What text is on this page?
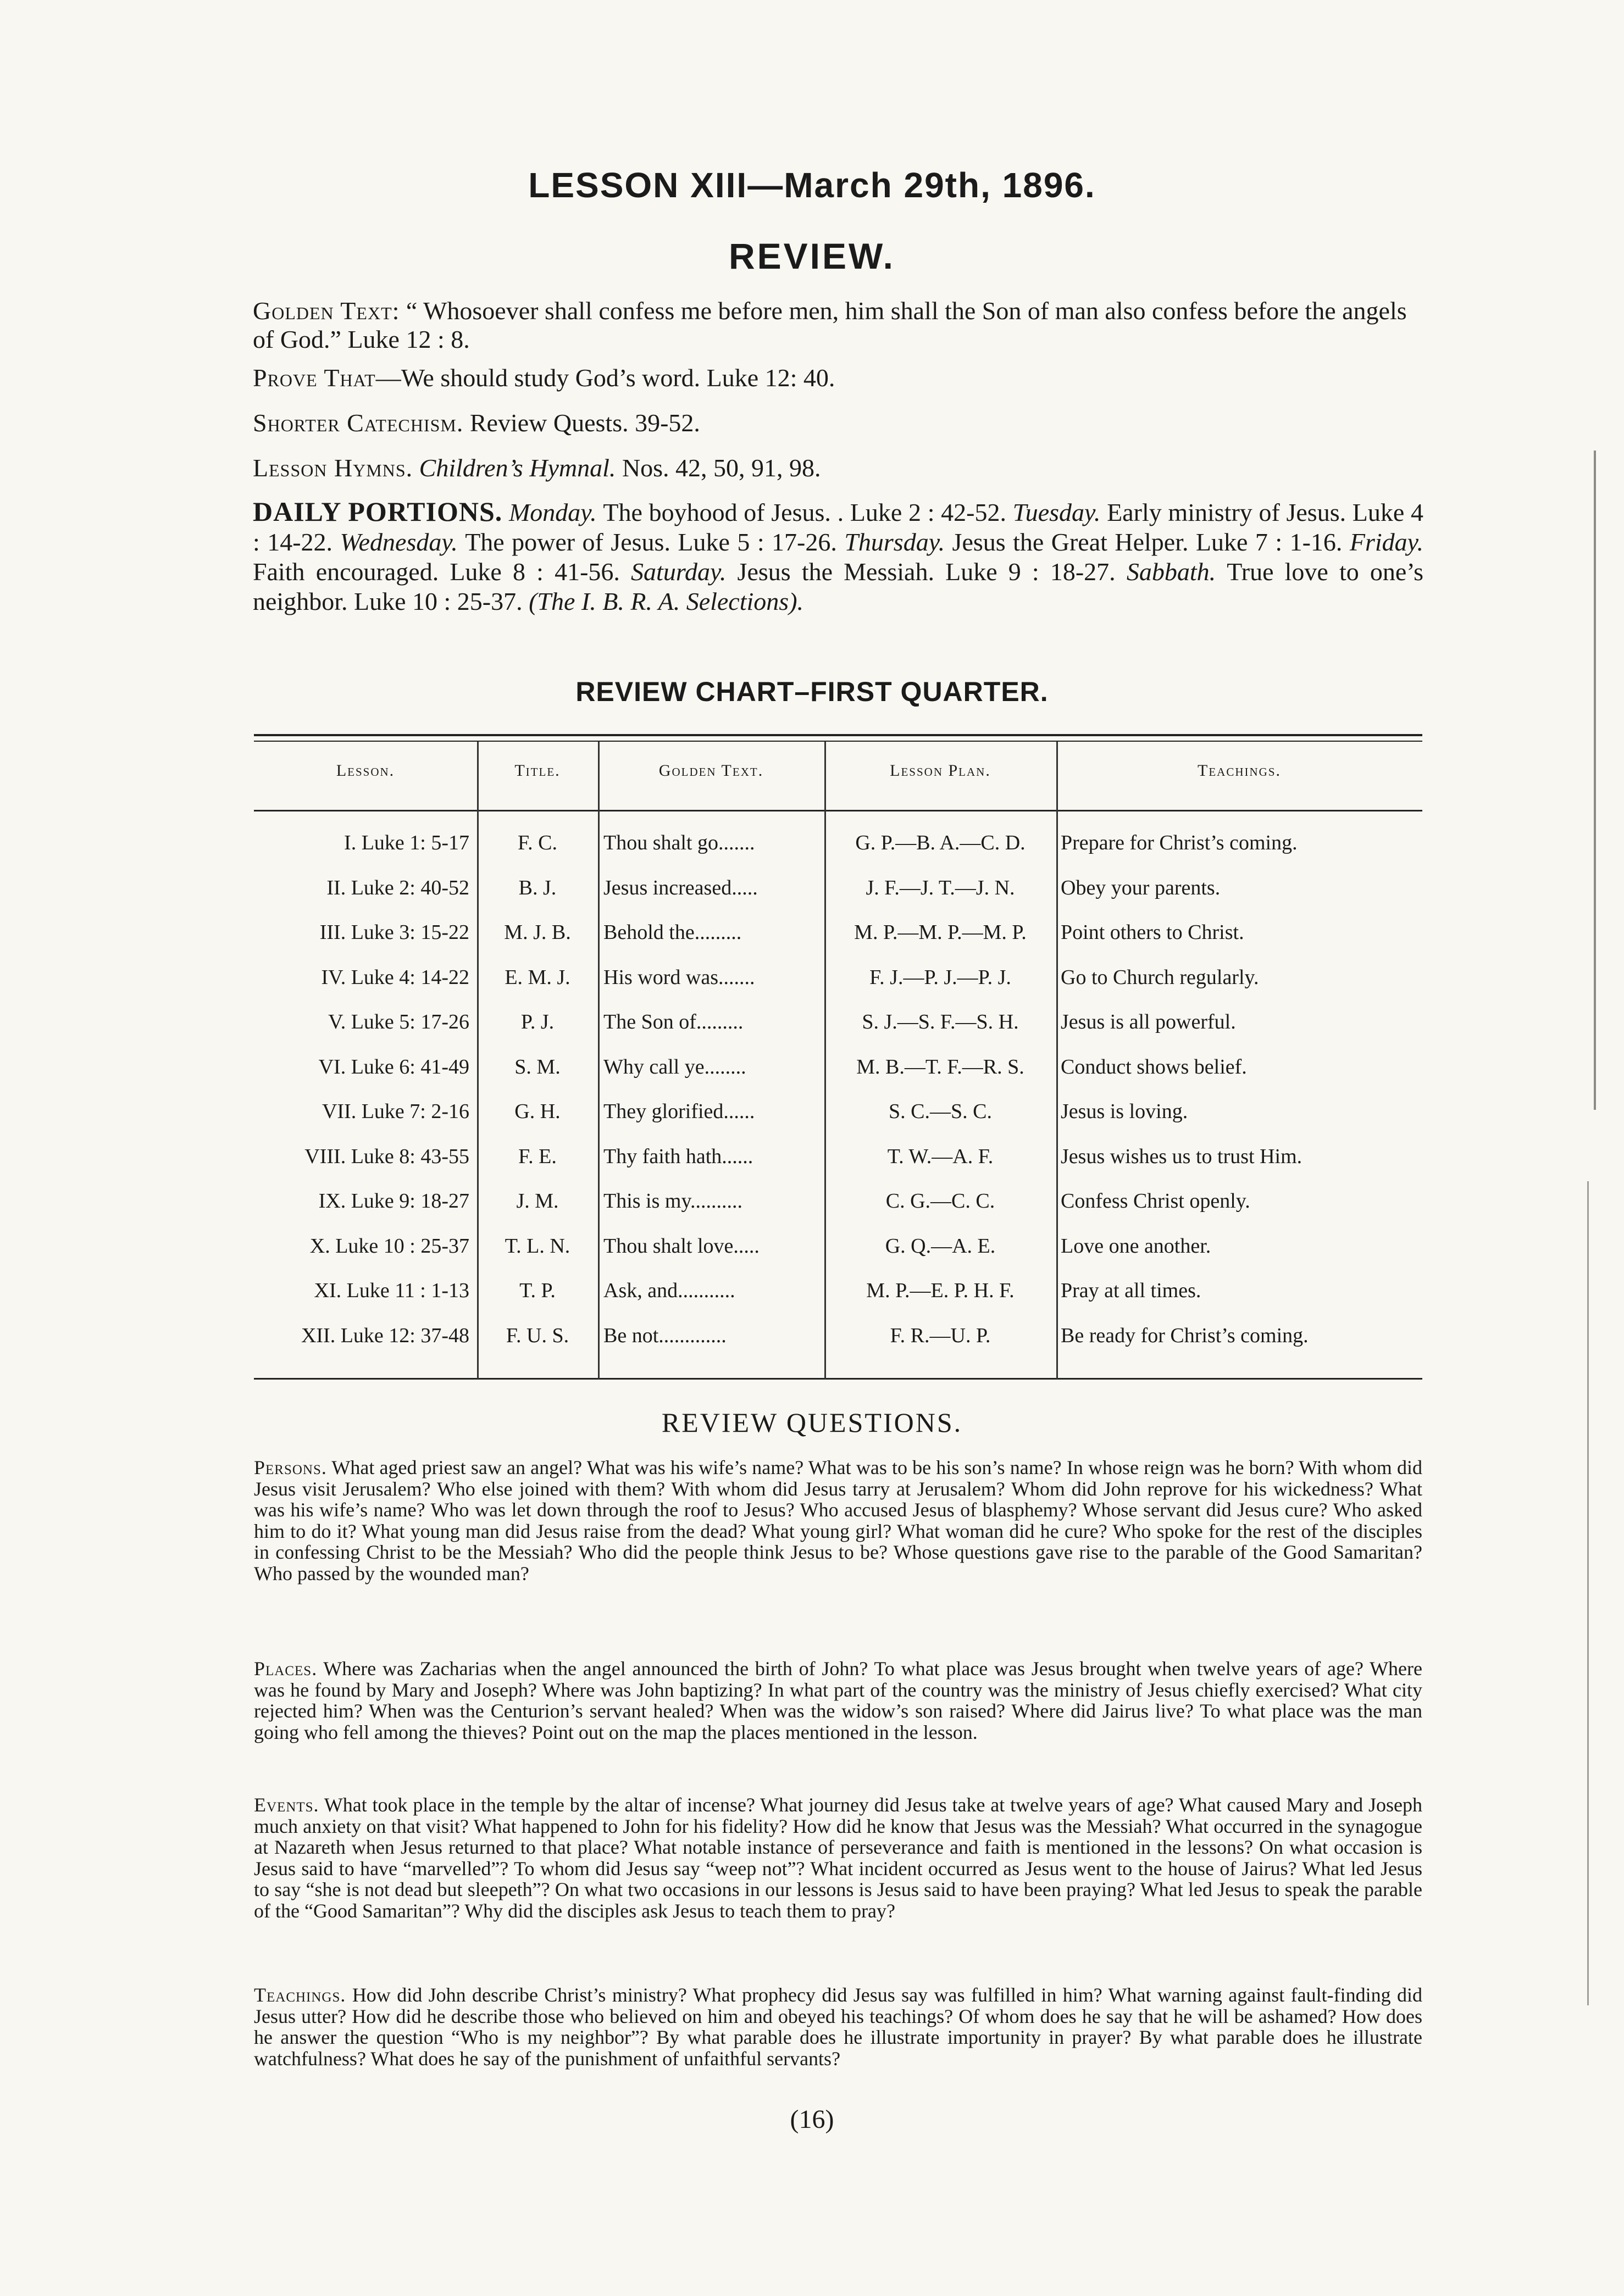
LESSON XIII—March 29th, 1896.
REVIEW.
Golden Text: “ Whosoever shall confess me before men, him shall the Son of man also confess before the angels of God.” Luke 12 : 8.
Prove That—We should study God’s word. Luke 12: 40.
Shorter Catechism. Review Quests. 39-52.
Lesson Hymns. Children’s Hymnal. Nos. 42, 50, 91, 98.
DAILY PORTIONS. Monday. The boyhood of Jesus. . Luke 2 : 42-52. Tuesday. Early ministry of Jesus. Luke 4 : 14-22. Wednesday. The power of Jesus. Luke 5 : 17-26. Thursday. Jesus the Great Helper. Luke 7 : 1-16. Friday. Faith encouraged. Luke 8 : 41-56. Saturday. Jesus the Messiah. Luke 9 : 18-27. Sabbath. True love to one’s neighbor. Luke 10 : 25-37. (The I. B. R. A. Selections).
REVIEW CHART–FIRST QUARTER.
Lesson.	Title.	Golden Text.	Lesson Plan.	Teachings.
I. Luke 1: 5-17	F. C.	Thou shalt go.......	G. P.—B. A.—C. D.	Prepare for Christ’s coming.
II. Luke 2: 40-52	B. J.	Jesus increased.....	J. F.—J. T.—J. N.	Obey your parents.
III. Luke 3: 15-22	M. J. B.	Behold the.........	M. P.—M. P.—M. P.	Point others to Christ.
IV. Luke 4: 14-22	E. M. J.	His word was.......	F. J.—P. J.—P. J.	Go to Church regularly.
V. Luke 5: 17-26	P. J.	The Son of.........	S. J.—S. F.—S. H.	Jesus is all powerful.
VI. Luke 6: 41-49	S. M.	Why call ye........	M. B.—T. F.—R. S.	Conduct shows belief.
VII. Luke 7: 2-16	G. H.	They glorified......	S. C.—S. C.	Jesus is loving.
VIII. Luke 8: 43-55	F. E.	Thy faith hath......	T. W.—A. F.	Jesus wishes us to trust Him.
IX. Luke 9: 18-27	J. M.	This is my..........	C. G.—C. C.	Confess Christ openly.
X. Luke 10 : 25-37	T. L. N.	Thou shalt love.....	G. Q.—A. E.	Love one another.
XI. Luke 11 : 1-13	T. P.	Ask, and...........	M. P.—E. P. H. F.	Pray at all times.
XII. Luke 12: 37-48	F. U. S.	Be not.............	F. R.—U. P.	Be ready for Christ’s coming.
REVIEW QUESTIONS.
Persons. What aged priest saw an angel? What was his wife’s name? What was to be his son’s name? In whose reign was he born? With whom did Jesus visit Jerusalem? Who else joined with them? With whom did Jesus tarry at Jerusalem? Whom did John reprove for his wickedness? What was his wife’s name? Who was let down through the roof to Jesus? Who accused Jesus of blasphemy? Whose servant did Jesus cure? Who asked him to do it? What young man did Jesus raise from the dead? What young girl? What woman did he cure? Who spoke for the rest of the disciples in confessing Christ to be the Messiah? Who did the people think Jesus to be? Whose questions gave rise to the parable of the Good Samaritan? Who passed by the wounded man?
Places. Where was Zacharias when the angel announced the birth of John? To what place was Jesus brought when twelve years of age? Where was he found by Mary and Joseph? Where was John baptizing? In what part of the country was the ministry of Jesus chiefly exercised? What city rejected him? When was the Centurion’s servant healed? When was the widow’s son raised? Where did Jairus live? To what place was the man going who fell among the thieves? Point out on the map the places mentioned in the lesson.
Events. What took place in the temple by the altar of incense? What journey did Jesus take at twelve years of age? What caused Mary and Joseph much anxiety on that visit? What happened to John for his fidelity? How did he know that Jesus was the Messiah? What occurred in the synagogue at Nazareth when Jesus returned to that place? What notable instance of perseverance and faith is mentioned in the lessons? On what occasion is Jesus said to have “marvelled”? To whom did Jesus say “weep not”? What incident occurred as Jesus went to the house of Jairus? What led Jesus to say “she is not dead but sleepeth”? On what two occasions in our lessons is Jesus said to have been praying? What led Jesus to speak the parable of the “Good Samaritan”? Why did the disciples ask Jesus to teach them to pray?
Teachings. How did John describe Christ’s ministry? What prophecy did Jesus say was fulfilled in him? What warning against fault-finding did Jesus utter? How did he describe those who believed on him and obeyed his teachings? Of whom does he say that he will be ashamed? How does he answer the question “Who is my neighbor”? By what parable does he illustrate importunity in prayer? By what parable does he illustrate watchfulness? What does he say of the punishment of unfaithful servants?
(16)
